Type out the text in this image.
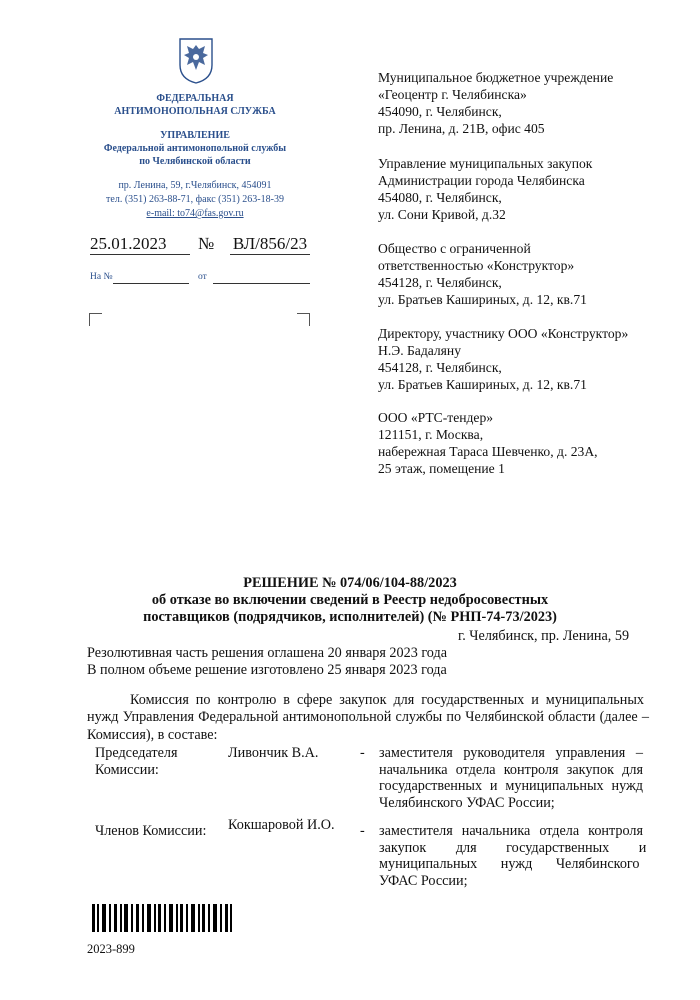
ФЕДЕРАЛЬНАЯ
АНТИМОНОПОЛЬНАЯ СЛУЖБА
УПРАВЛЕНИЕ
Федеральной антимонопольной службы
по Челябинской области
пр. Ленина, 59, г.Челябинск, 454091
тел. (351) 263-88-71, факс (351) 263-18-39
e-mail: to74@fas.gov.ru
25.01.2023	№ ВЛ/856/23
На №	от
Муниципальное бюджетное учреждение
«Геоцентр г. Челябинска»
454090, г. Челябинск,
пр. Ленина, д. 21В, офис 405
Управление муниципальных закупок
Администрации города Челябинска
454080, г. Челябинск,
ул. Сони Кривой, д.32
Общество с ограниченной
ответственностью «Конструктор»
454128, г. Челябинск,
ул. Братьев Кашириных, д. 12, кв.71
Директору, участнику ООО «Конструктор»
Н.Э. Бадаляну
454128, г. Челябинск,
ул. Братьев Кашириных, д. 12, кв.71
ООО «РТС-тендер»
121151, г. Москва,
набережная Тараса Шевченко, д. 23А,
25 этаж, помещение 1
РЕШЕНИЕ № 074/06/104-88/2023
об отказе во включении сведений в Реестр недобросовестных
поставщиков (подрядчиков, исполнителей) (№ РНП-74-73/2023)
г. Челябинск, пр. Ленина, 59
Резолютивная часть решения оглашена 20 января 2023 года
В полном объеме решение изготовлено 25 января 2023 года
Комиссия по контролю в сфере закупок для государственных и муниципальных
нужд Управления Федеральной антимонопольной службы по Челябинской области (далее –
Комиссия), в составе:
Председателя
Комиссии:
Ливончик В.А.	- заместителя руководителя управления –
начальника отдела контроля закупок для
государственных и муниципальных нужд
Челябинского УФАС России;
Членов Комиссии: Кокшаровой И.О. - заместителя начальника отдела контроля
закупок для государственных и
муниципальных нужд Челябинского
УФАС России;
2023-899
